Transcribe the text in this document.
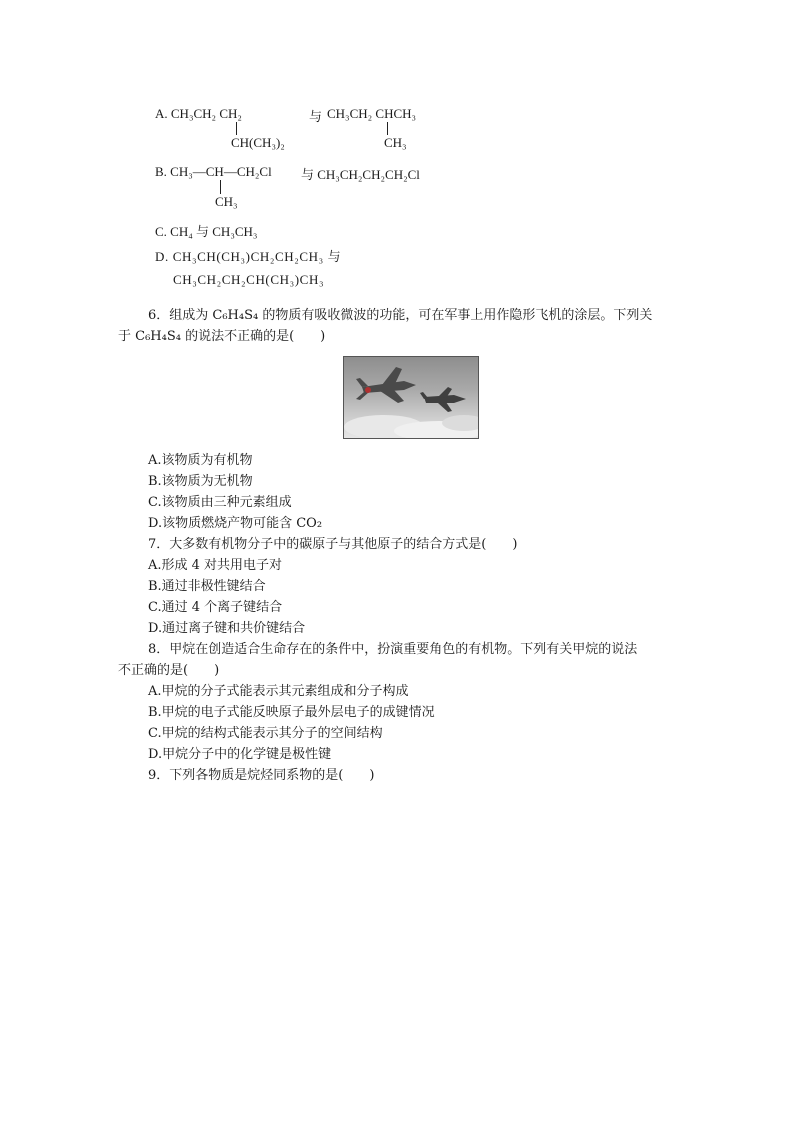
A. CH₃CH₂ CH₂
CH(CH₃)₂
与 CH₃CH₂ CHCH₃
CH₃
B. CH₃—CH—CH₂Cl
CH₃
与 CH₃CH₂CH₂CH₂Cl
C. CH₄ 与 CH₃CH₃
D. CH₃CH(CH₃)CH₂CH₂CH₃ 与
CH₃CH₂CH₂CH(CH₃)CH₃
6．组成为 C₆H₄S₄ 的物质有吸收微波的功能，可在军事上用作隐形飞机的涂层。下列关
于 C₆H₄S₄ 的说法不正确的是(　　)
A.该物质为有机物
B.该物质为无机物
C.该物质由三种元素组成
D.该物质燃烧产物可能含 CO₂
7．大多数有机物分子中的碳原子与其他原子的结合方式是(　　)
A.形成 4 对共用电子对
B.通过非极性键结合
C.通过 4 个离子键结合
D.通过离子键和共价键结合
8．甲烷在创造适合生命存在的条件中，扮演重要角色的有机物。下列有关甲烷的说法
不正确的是(　　)
A.甲烷的分子式能表示其元素组成和分子构成
B.甲烷的电子式能反映原子最外层电子的成键情况
C.甲烷的结构式能表示其分子的空间结构
D.甲烷分子中的化学键是极性键
9．下列各物质是烷烃同系物的是(　　)
